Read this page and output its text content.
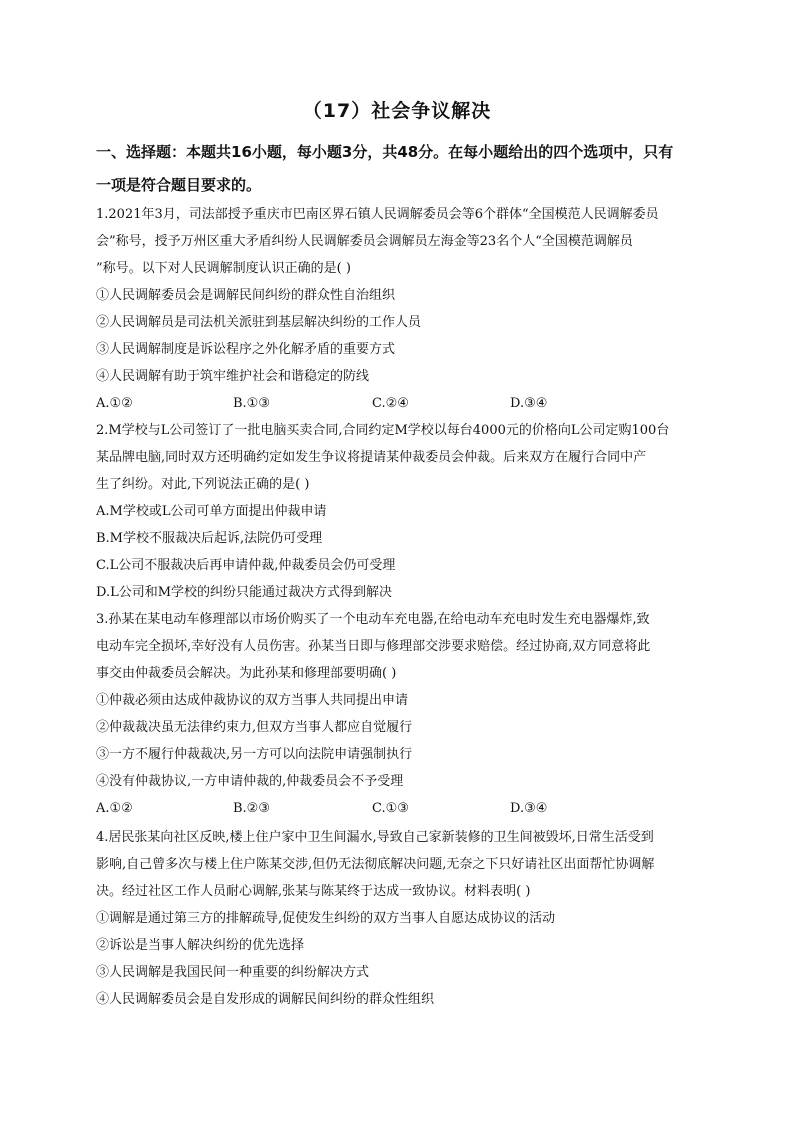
（17）社会争议解决
一、选择题：本题共16小题，每小题3分，共48分。在每小题给出的四个选项中，只有
一项是符合题目要求的。
1.2021年3月，司法部授予重庆市巴南区界石镇人民调解委员会等6个群体“全国模范人民调解委员
会”称号，授予万州区重大矛盾纠纷人民调解委员会调解员左海金等23名个人“全国模范调解员
”称号。以下对人民调解制度认识正确的是( )
①人民调解委员会是调解民间纠纷的群众性自治组织
②人民调解员是司法机关派驻到基层解决纠纷的工作人员
③人民调解制度是诉讼程序之外化解矛盾的重要方式
④人民调解有助于筑牢维护社会和谐稳定的防线
A.①②	B.①③	C.②④	D.③④
2.M学校与L公司签订了一批电脑买卖合同,合同约定M学校以每台4000元的价格向L公司定购100台
某品牌电脑,同时双方还明确约定如发生争议将提请某仲裁委员会仲裁。后来双方在履行合同中产
生了纠纷。对此,下列说法正确的是( )
A.M学校或L公司可单方面提出仲裁申请
B.M学校不服裁决后起诉,法院仍可受理
C.L公司不服裁决后再申请仲裁,仲裁委员会仍可受理
D.L公司和M学校的纠纷只能通过裁决方式得到解决
3.孙某在某电动车修理部以市场价购买了一个电动车充电器,在给电动车充电时发生充电器爆炸,致
电动车完全损坏,幸好没有人员伤害。孙某当日即与修理部交涉要求赔偿。经过协商,双方同意将此
事交由仲裁委员会解决。为此孙某和修理部要明确( )
①仲裁必须由达成仲裁协议的双方当事人共同提出申请
②仲裁裁决虽无法律约束力,但双方当事人都应自觉履行
③一方不履行仲裁裁决,另一方可以向法院申请强制执行
④没有仲裁协议,一方申请仲裁的,仲裁委员会不予受理
A.①②	B.②③	C.①③	D.③④
4.居民张某向社区反映,楼上住户家中卫生间漏水,导致自己家新装修的卫生间被毁坏,日常生活受到
影响,自己曾多次与楼上住户陈某交涉,但仍无法彻底解决问题,无奈之下只好请社区出面帮忙协调解
决。经过社区工作人员耐心调解,张某与陈某终于达成一致协议。材料表明( )
①调解是通过第三方的排解疏导,促使发生纠纷的双方当事人自愿达成协议的活动
②诉讼是当事人解决纠纷的优先选择
③人民调解是我国民间一种重要的纠纷解决方式
④人民调解委员会是自发形成的调解民间纠纷的群众性组织
